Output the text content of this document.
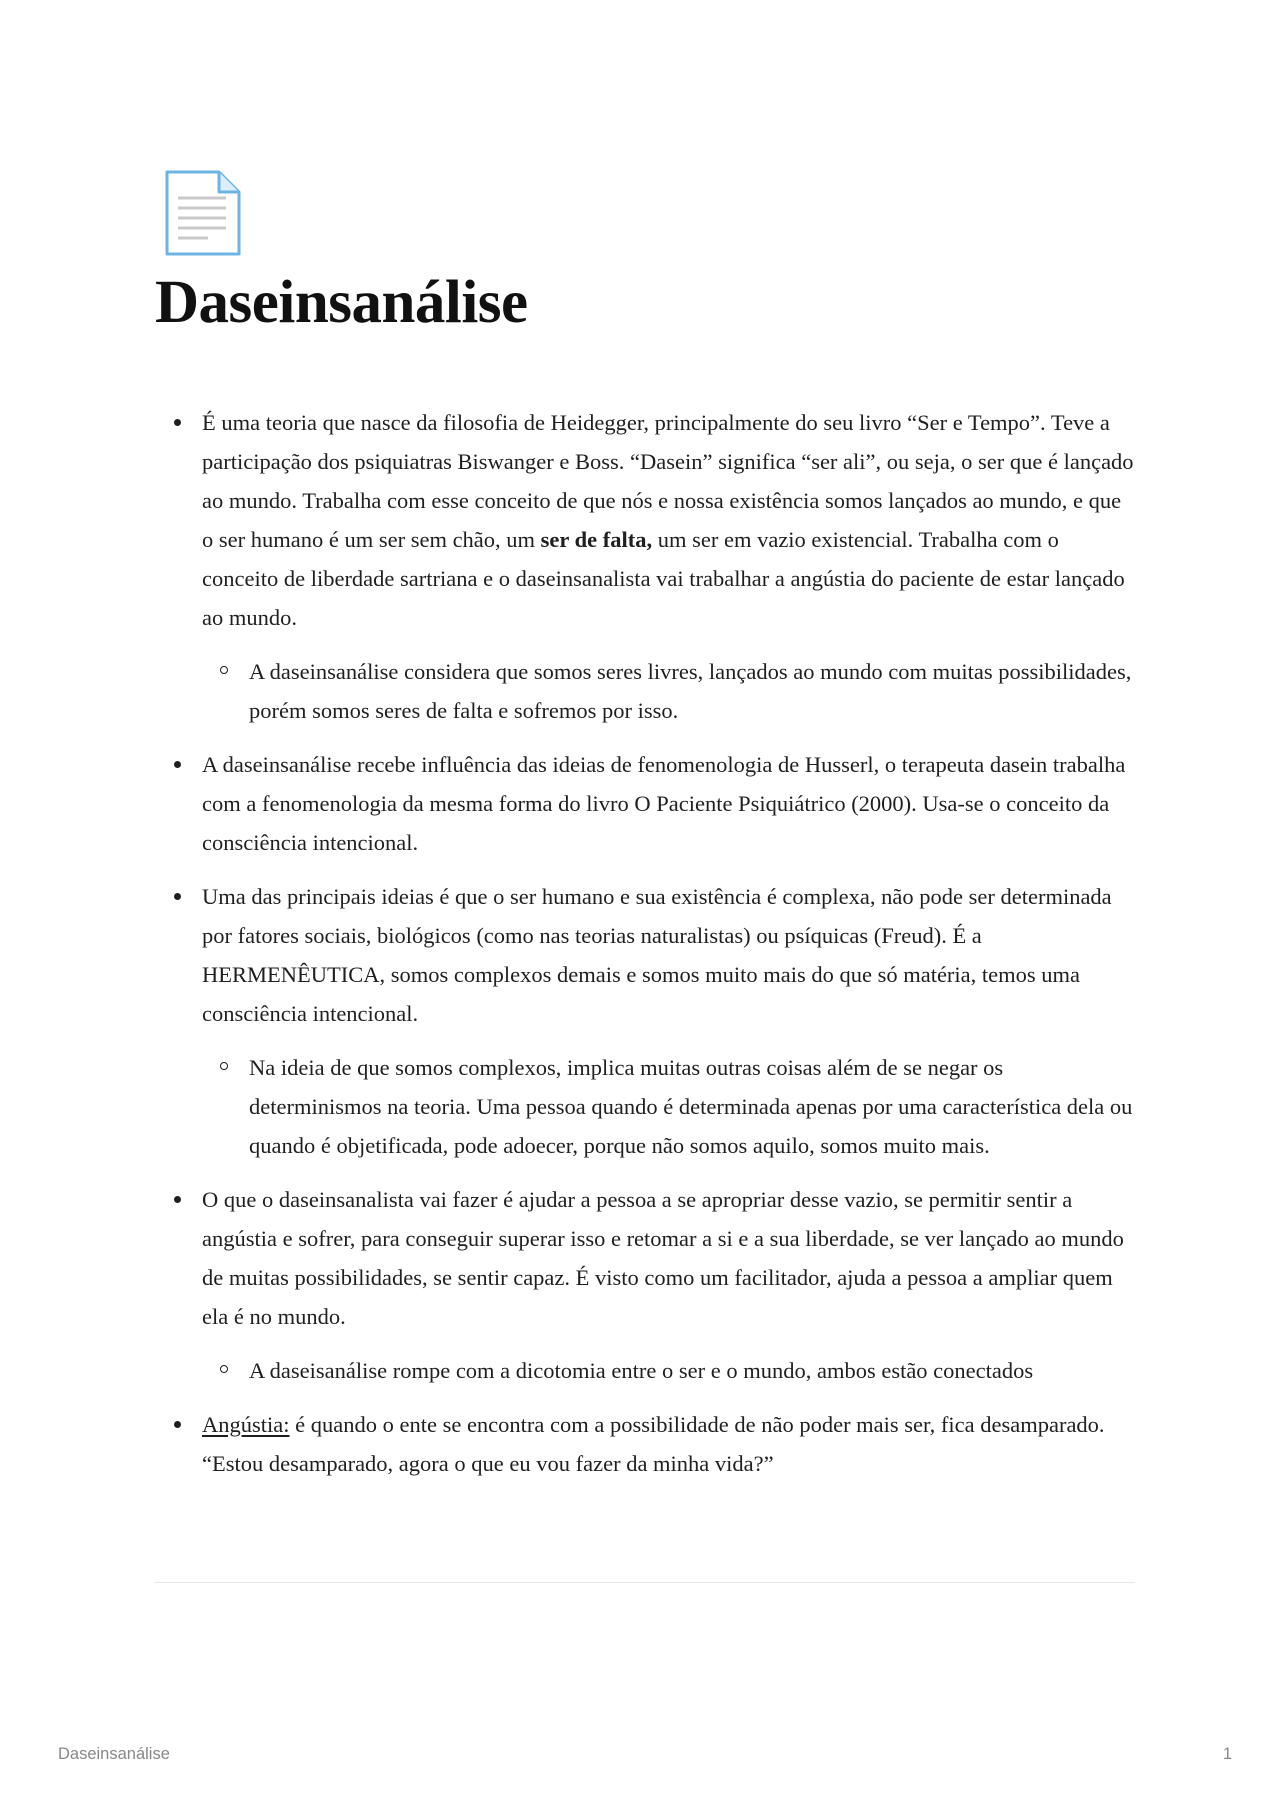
Daseinsanálise
É uma teoria que nasce da filosofia de Heidegger, principalmente do seu livro “Ser e Tempo”. Teve a participação dos psiquiatras Biswanger e Boss. “Dasein” significa “ser ali”, ou seja, o ser que é lançado ao mundo. Trabalha com esse conceito de que nós e nossa existência somos lançados ao mundo, e que o ser humano é um ser sem chão, um ser de falta, um ser em vazio existencial. Trabalha com o conceito de liberdade sartriana e o daseinsanalista vai trabalhar a angústia do paciente de estar lançado ao mundo.
A daseinsanálise considera que somos seres livres, lançados ao mundo com muitas possibilidades, porém somos seres de falta e sofremos por isso.
A daseinsanálise recebe influência das ideias de fenomenologia de Husserl, o terapeuta dasein trabalha com a fenomenologia da mesma forma do livro O Paciente Psiquiátrico (2000). Usa-se o conceito da consciência intencional.
Uma das principais ideias é que o ser humano e sua existência é complexa, não pode ser determinada por fatores sociais, biológicos (como nas teorias naturalistas) ou psíquicas (Freud). É a HERMENÊUTICA, somos complexos demais e somos muito mais do que só matéria, temos uma consciência intencional.
Na ideia de que somos complexos, implica muitas outras coisas além de se negar os determinismos na teoria. Uma pessoa quando é determinada apenas por uma característica dela ou quando é objetificada, pode adoecer, porque não somos aquilo, somos muito mais.
O que o daseinsanalista vai fazer é ajudar a pessoa a se apropriar desse vazio, se permitir sentir a angústia e sofrer, para conseguir superar isso e retomar a si e a sua liberdade, se ver lançado ao mundo de muitas possibilidades, se sentir capaz. É visto como um facilitador, ajuda a pessoa a ampliar quem ela é no mundo.
A daseisanálise rompe com a dicotomia entre o ser e o mundo, ambos estão conectados
Angústia: é quando o ente se encontra com a possibilidade de não poder mais ser, fica desamparado. “Estou desamparado, agora o que eu vou fazer da minha vida?”
Daseinsanálise	1
